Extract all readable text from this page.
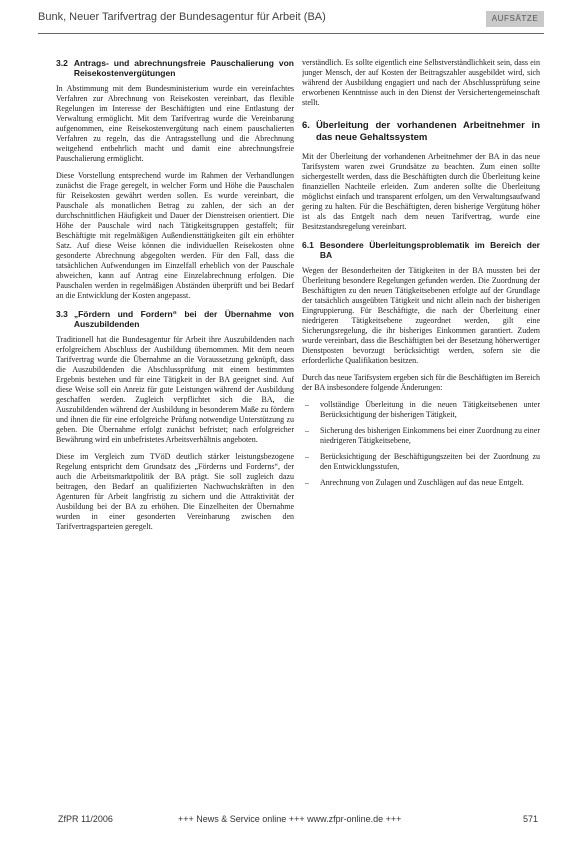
Bunk, Neuer Tarifvertrag der Bundesagentur für Arbeit (BA)	AUFSÄTZE
3.2 Antrags- und abrechnungsfreie Pauschalierung von Reisekostenvergütungen

In Abstimmung mit dem Bundesministerium wurde ein vereinfachtes Verfahren zur Abrechnung von Reisekosten vereinbart, das flexible Regelungen im Interesse der Beschäftigten und eine Entlastung der Verwaltung ermöglicht. Mit dem Tarifvertrag wurde die Vereinbarung aufgenommen, eine Reisekostenvergütung nach einem pauschalierten Verfahren zu regeln, das die Antragsstellung und die Abrechnung weitgehend entbehrlich macht und damit eine abrechnungsfreie Pauschalierung ermöglicht.

Diese Vorstellung entsprechend wurde im Rahmen der Verhandlungen zunächst die Frage geregelt, in welcher Form und Höhe die Pauschalen für Reisekosten gewährt werden sollen. Es wurde vereinbart, die Pauschale als monatlichen Betrag zu zahlen, der sich an der durchschnittlichen Häufigkeit und Dauer der Dienstreisen orientiert. Die Höhe der Pauschale wird nach Tätigkeitsgruppen gestaffelt; für Beschäftigte mit regelmäßigen Außendiensttätigkeiten gilt ein erhöhter Satz. Auf diese Weise können die individuellen Reisekosten ohne gesonderte Abrechnung abgegolten werden. Für den Fall, dass die tatsächlichen Aufwendungen im Einzelfall erheblich von der Pauschale abweichen, kann auf Antrag eine Einzelabrechnung erfolgen. Die Pauschalen werden in regelmäßigen Abständen überprüft und bei Bedarf an die Entwicklung der Kosten angepasst.

3.3 „Fördern und Fordern“ bei der Übernahme von Auszubildenden

Traditionell hat die Bundesagentur für Arbeit ihre Auszubildenden nach erfolgreichem Abschluss der Ausbildung übernommen. Mit dem neuen Tarifvertrag wurde die Übernahme an die Voraussetzung geknüpft, dass die Auszubildenden die Abschlussprüfung mit einem bestimmten Ergebnis bestehen und für eine Tätigkeit in der BA geeignet sind. Auf diese Weise soll ein Anreiz für gute Leistungen während der Ausbildung geschaffen werden. Zugleich verpflichtet sich die BA, die Auszubildenden während der Ausbildung in besonderem Maße zu fördern und ihnen die für eine erfolgreiche Prüfung notwendige Unterstützung zu geben. Die Übernahme erfolgt zunächst befristet; nach erfolgreicher Bewährung wird ein unbefristetes Arbeitsverhältnis angeboten.

Diese im Vergleich zum TVöD deutlich stärker leistungsbezogene Regelung entspricht dem Grundsatz des „Förderns und Forderns“, der auch die Arbeitsmarktpolitik der BA prägt. Sie soll zugleich dazu beitragen, den Bedarf an qualifizierten Nachwuchskräften in den Agenturen für Arbeit langfristig zu sichern und die Attraktivität der Ausbildung bei der BA zu erhöhen. Die Einzelheiten der Übernahme wurden in einer gesonderten Vereinbarung zwischen den Tarifvertragsparteien geregelt.

verständlich. Es sollte eigentlich eine Selbstverständlichkeit sein, dass ein junger Mensch, der auf Kosten der Beitragszahler ausgebildet wird, sich während der Ausbildung engagiert und nach der Abschlussprüfung seine erworbenen Kenntnisse auch in den Dienst der Versichertengemeinschaft stellt.

6. Überleitung der vorhandenen Arbeitnehmer in das neue Gehaltssystem

Mit der Überleitung der vorhandenen Arbeitnehmer der BA in das neue Tarifsystem waren zwei Grundsätze zu beachten. Zum einen sollte sichergestellt werden, dass die Beschäftigten durch die Überleitung keine finanziellen Nachteile erleiden. Zum anderen sollte die Überleitung möglichst einfach und transparent erfolgen, um den Verwaltungsaufwand gering zu halten. Für die Beschäftigten, deren bisherige Vergütung höher ist als das Entgelt nach dem neuen Tarifvertrag, wurde eine Besitzstandsregelung vereinbart.

6.1 Besondere Überleitungsproblematik im Bereich der BA

Wegen der Besonderheiten der Tätigkeiten in der BA mussten bei der Überleitung besondere Regelungen gefunden werden. Die Zuordnung der Beschäftigten zu den neuen Tätigkeitsebenen erfolgte auf der Grundlage der tatsächlich ausgeübten Tätigkeit und nicht allein nach der bisherigen Eingruppierung. Für Beschäftigte, die nach der Überleitung einer niedrigeren Tätigkeitsebene zugeordnet werden, gilt eine Sicherungsregelung, die ihr bisheriges Einkommen garantiert. Zudem wurde vereinbart, dass die Beschäftigten bei der Besetzung höherwertiger Dienstposten bevorzugt berücksichtigt werden, sofern sie die erforderliche Qualifikation besitzen.

Durch das neue Tarifsystem ergeben sich für die Beschäftigten im Bereich der BA insbesondere folgende Änderungen:

– vollständige Überleitung in die neuen Tätigkeitsebenen unter Berücksichtigung der bisherigen Tätigkeit,
– Sicherung des bisherigen Einkommens bei einer Zuordnung zu einer niedrigeren Tätigkeitsebene,
– Berücksichtigung der Beschäftigungszeiten bei der Zuordnung zu den Entwicklungsstufen,
– Anrechnung von Zulagen und Zuschlägen auf das neue Entgelt.
ZfPR 11/2006	+++ News & Service online +++ www.zfpr-online.de +++	571
